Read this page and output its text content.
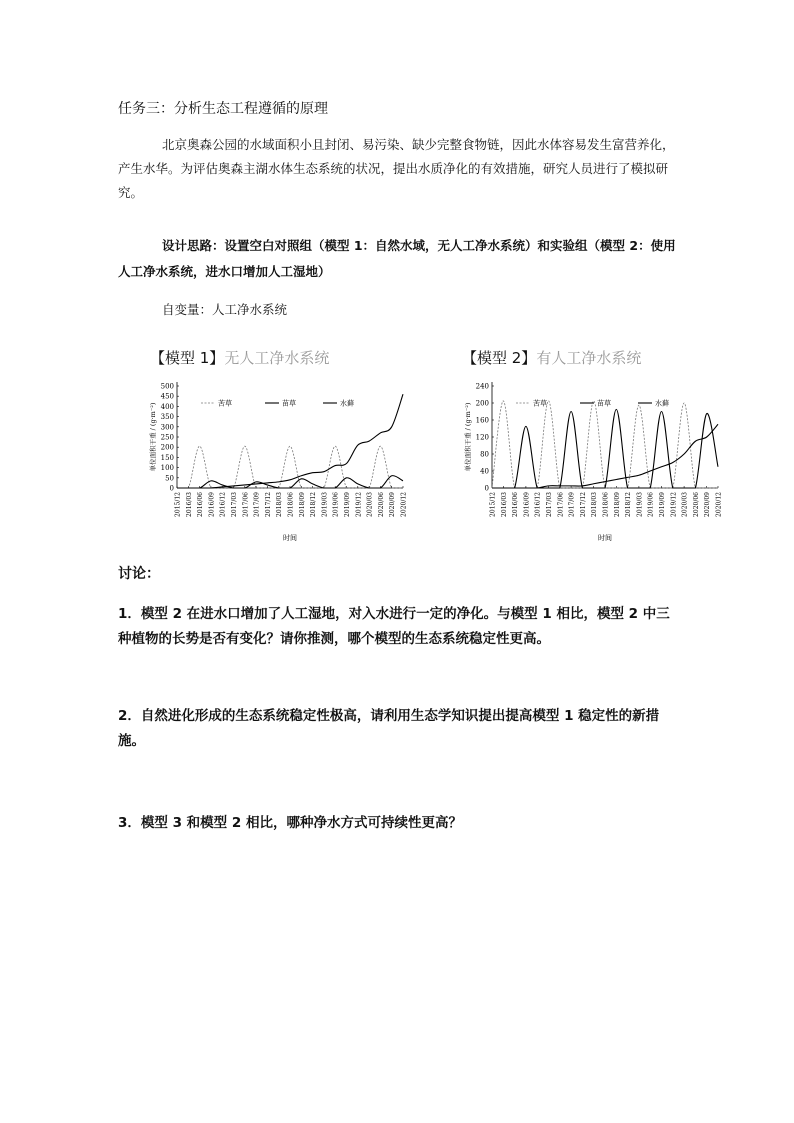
任务三：分析生态工程遵循的原理
北京奥森公园的水域面积小且封闭、易污染、缺少完整食物链，因此水体容易发生富营养化，产生水华。为评估奥森主湖水体生态系统的状况，提出水质净化的有效措施，研究人员进行了模拟研究。
设计思路：设置空白对照组（模型 1：自然水域，无人工净水系统）和实验组（模型 2：使用人工净水系统，进水口增加人工湿地）
自变量：人工净水系统
【模型 1】无人工净水系统
500
450
400
350
300
250
200
150
100
50
0
2015/12 2016/03 2016/06 2016/09 2016/12 2017/03 2017/06 2017/09 2017/12 2018/03 2018/06 2018/09 2018/12 2019/03 2019/06 2019/09 2019/12 2020/03 2020/06 2020/09 2020/12
单位面积干重 / (g·m⁻²)
时间
苦草	苗草	水藓
【模型 2】有人工净水系统
240
200
160
120
80
40
0
2015/12 2016/03 2016/06 2016/09 2016/12 2017/03 2017/06 2017/09 2017/12 2018/03 2018/06 2018/09 2018/12 2019/03 2019/06 2019/09 2019/12 2020/03 2020/06 2020/09 2020/12
单位面积干重 / (g·m⁻²)
时间
苦草	苗草	水藓
讨论：
1．模型 2 在进水口增加了人工湿地，对入水进行一定的净化。与模型 1 相比，模型 2 中三种植物的长势是否有变化？请你推测，哪个模型的生态系统稳定性更高。
2．自然进化形成的生态系统稳定性极高，请利用生态学知识提出提高模型 1 稳定性的新措施。
3．模型 3 和模型 2 相比，哪种净水方式可持续性更高？
